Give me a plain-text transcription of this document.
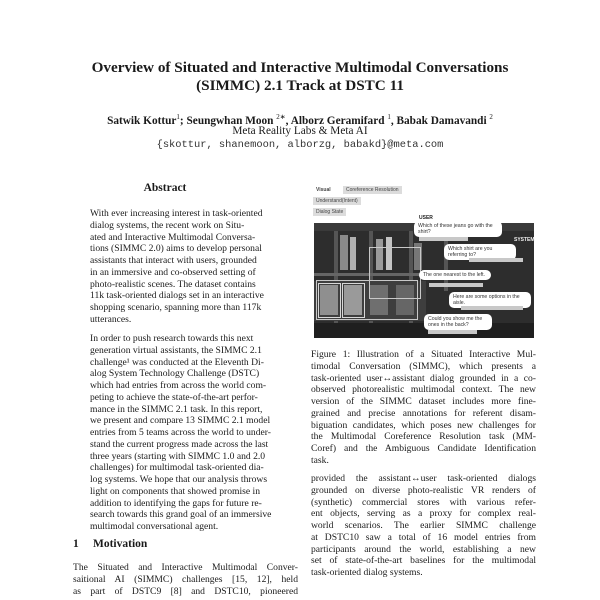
Overview of Situated and Interactive Multimodal Conversations
(SIMMC) 2.1 Track at DSTC 11
Satwik Kottur$^1$; Seungwhan Moon $^{2∗}$, Alborz Geramifard $^1$, Babak Damavandi $^2$
Meta Reality Labs & Meta AI
{skottur, shanemoon, alborzg, babakd}@meta.com
Abstract
With ever increasing interest in task-oriented
dialog systems, the recent work on Situ-
ated and Interactive Multimodal Conversa-
tions (SIMMC 2.0) aims to develop personal
assistants that interact with users, grounded
in an immersive and co-observed setting of
photo-realistic scenes. The dataset contains
11k task-oriented dialogs set in an interactive
shopping scenario, spanning more than 117k
utterances.
In order to push research towards this next
generation virtual assistants, the SIMMC 2.1
challenge¹ was conducted at the Eleventh Di-
alog System Technology Challenge (DSTC)
which had entries from across the world com-
peting to achieve the state-of-the-art perfor-
mance in the SIMMC 2.1 task. In this report,
we present and compare 13 SIMMC 2.1 model
entries from 5 teams across the world to under-
stand the current progress made across the last
three years (starting with SIMMC 1.0 and 2.0
challenges) for multimodal task-oriented dia-
log systems. We hope that our analysis throws
light on components that showed promise in
addition to identifying the gaps for future re-
search towards this grand goal of an immersive
multimodal conversational agent.
1 Motivation
The Situated and Interactive Multimodal Conver-
saitional AI (SIMMC) challenges [15, 12], held
as part of DSTC9 [8] and DSTC10, pioneered
Visual	Coreference Resolution
Understand(Intent)
Dialog State
USER
SYSTEM
Which of these jeans go with the shirt?
Which shirt are you referring to?
The one nearest to the left.
Here are some options in the aisle.
Could you show me the ones in the back?
Figure 1: Illustration of a Situated Interactive Mul-
timodal Conversation (SIMMC), which presents a
task-oriented user↔assistant dialog grounded in a co-
observed photorealistic multimodal context. The new
version of the SIMMC dataset includes more fine-
grained and precise annotations for referent disam-
biguation candidates, which poses new challenges for
the Multimodal Coreference Resolution task (MM-
Coref) and the Ambiguous Candidate Identification
task.
provided the assistant↔user task-oriented dialogs
grounded on diverse photo-realistic VR renders of
(synthetic) commercial stores with various refer-
ent objects, serving as a proxy for complex real-
world scenarios. The earlier SIMMC challenge
at DSTC10 saw a total of 16 model entries from
participants around the world, establishing a new
set of state-of-the-art baselines for the multimodal
task-oriented dialog systems.
